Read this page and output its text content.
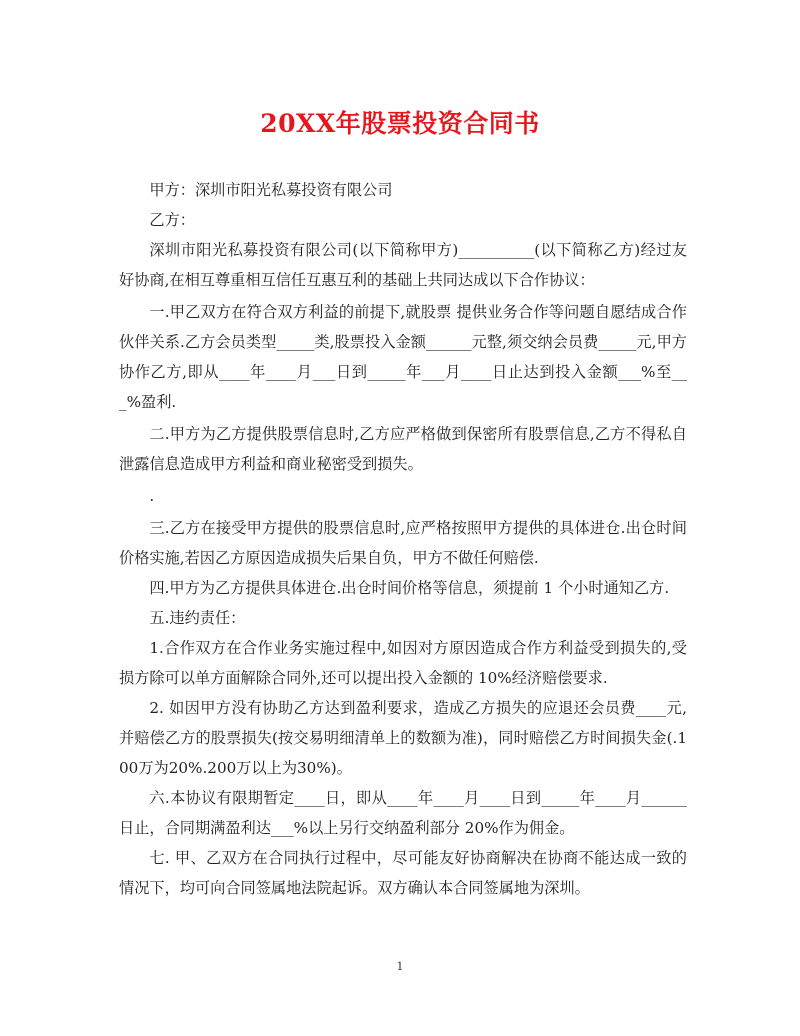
20XX年股票投资合同书

甲方：深圳市阳光私募投资有限公司

乙方：

深圳市阳光私募投资有限公司(以下简称甲方)__________(以下简称乙方)经过友好协商,在相互尊重相互信任互惠互利的基础上共同达成以下合作协议：

一.甲乙双方在符合双方利益的前提下,就股票 提供业务合作等问题自愿结成合作伙伴关系.乙方会员类型_____类,股票投入金额______元整,须交纳会员费_____元,甲方协作乙方,即从____年____月___日到_____年___月____日止达到投入金额___%至___%盈利.

二.甲方为乙方提供股票信息时,乙方应严格做到保密所有股票信息,乙方不得私自泄露信息造成甲方利益和商业秘密受到损失。

.

三.乙方在接受甲方提供的股票信息时,应严格按照甲方提供的具体进仓.出仓时间价格实施,若因乙方原因造成损失后果自负，甲方不做任何赔偿.

四.甲方为乙方提供具体进仓.出仓时间价格等信息，须提前 1 个小时通知乙方.

五.违约责任：

1.合作双方在合作业务实施过程中,如因对方原因造成合作方利益受到损失的,受损方除可以单方面解除合同外,还可以提出投入金额的 10%经济赔偿要求.

2. 如因甲方没有协助乙方达到盈利要求，造成乙方损失的应退还会员费____元,并赔偿乙方的股票损失(按交易明细清单上的数额为准)，同时赔偿乙方时间损失金(.100万为20%.200万以上为30%)。

六.本协议有限期暂定____日，即从____年____月____日到_____年____月______日止，合同期满盈利达___%以上另行交纳盈利部分 20%作为佣金。

七. 甲、乙双方在合同执行过程中，尽可能友好协商解决在协商不能达成一致的情况下，均可向合同签属地法院起诉。双方确认本合同签属地为深圳。

1
